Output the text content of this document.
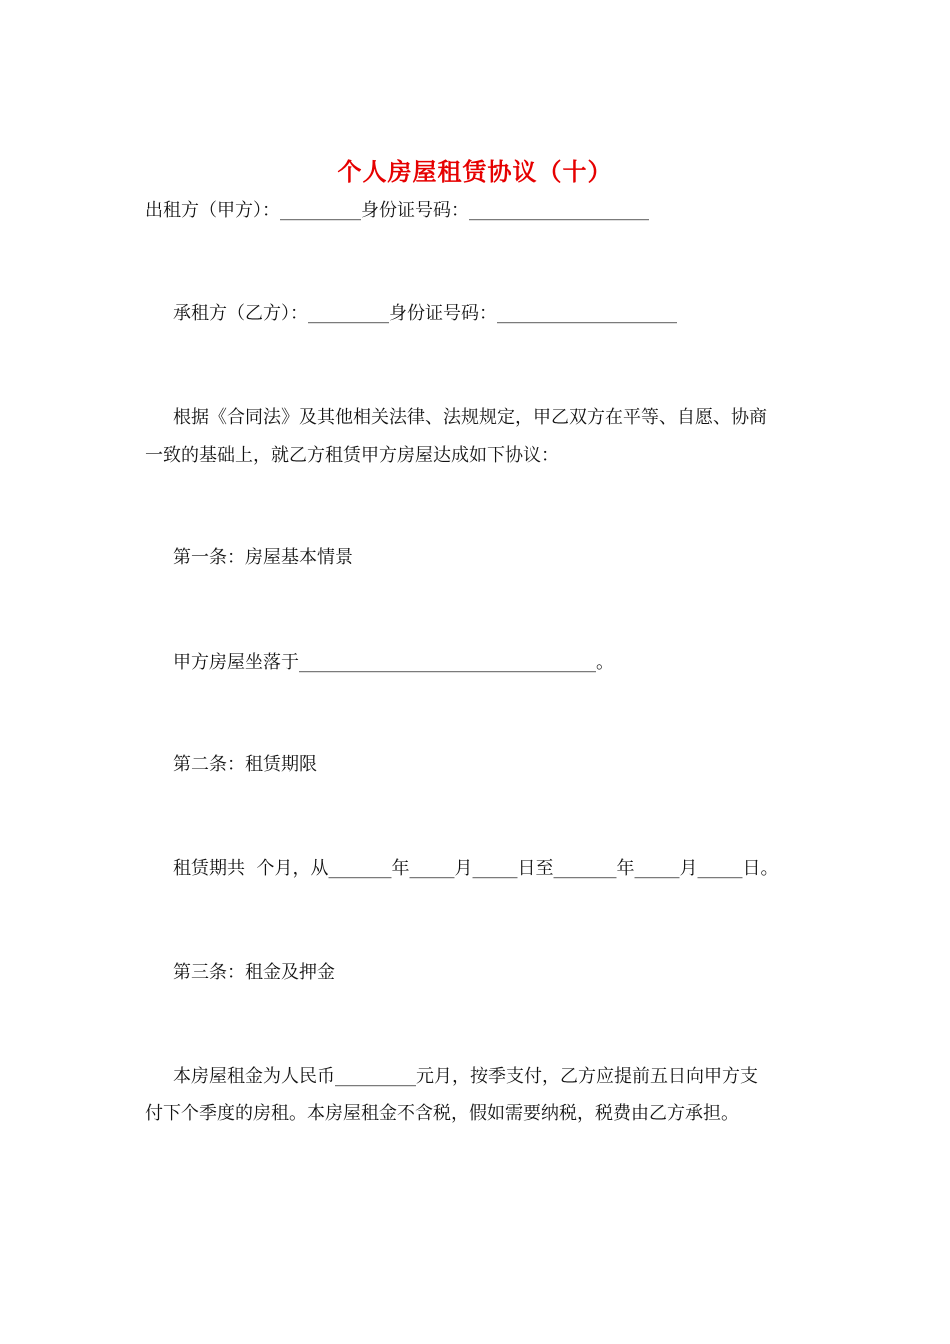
个人房屋租赁协议（十）
出租方（甲方）：_________身份证号码：____________________
承租方（乙方）：_________身份证号码：____________________
根据《合同法》及其他相关法律、法规规定，甲乙双方在平等、自愿、协商
一致的基础上，就乙方租赁甲方房屋达成如下协议：
第一条：房屋基本情景
甲方房屋坐落于_________________________________。
第二条：租赁期限
租赁期共  个月，从_______年_____月_____日至_______年_____月_____日。
第三条：租金及押金
本房屋租金为人民币_________元月，按季支付，乙方应提前五日向甲方支
付下个季度的房租。本房屋租金不含税，假如需要纳税，税费由乙方承担。
